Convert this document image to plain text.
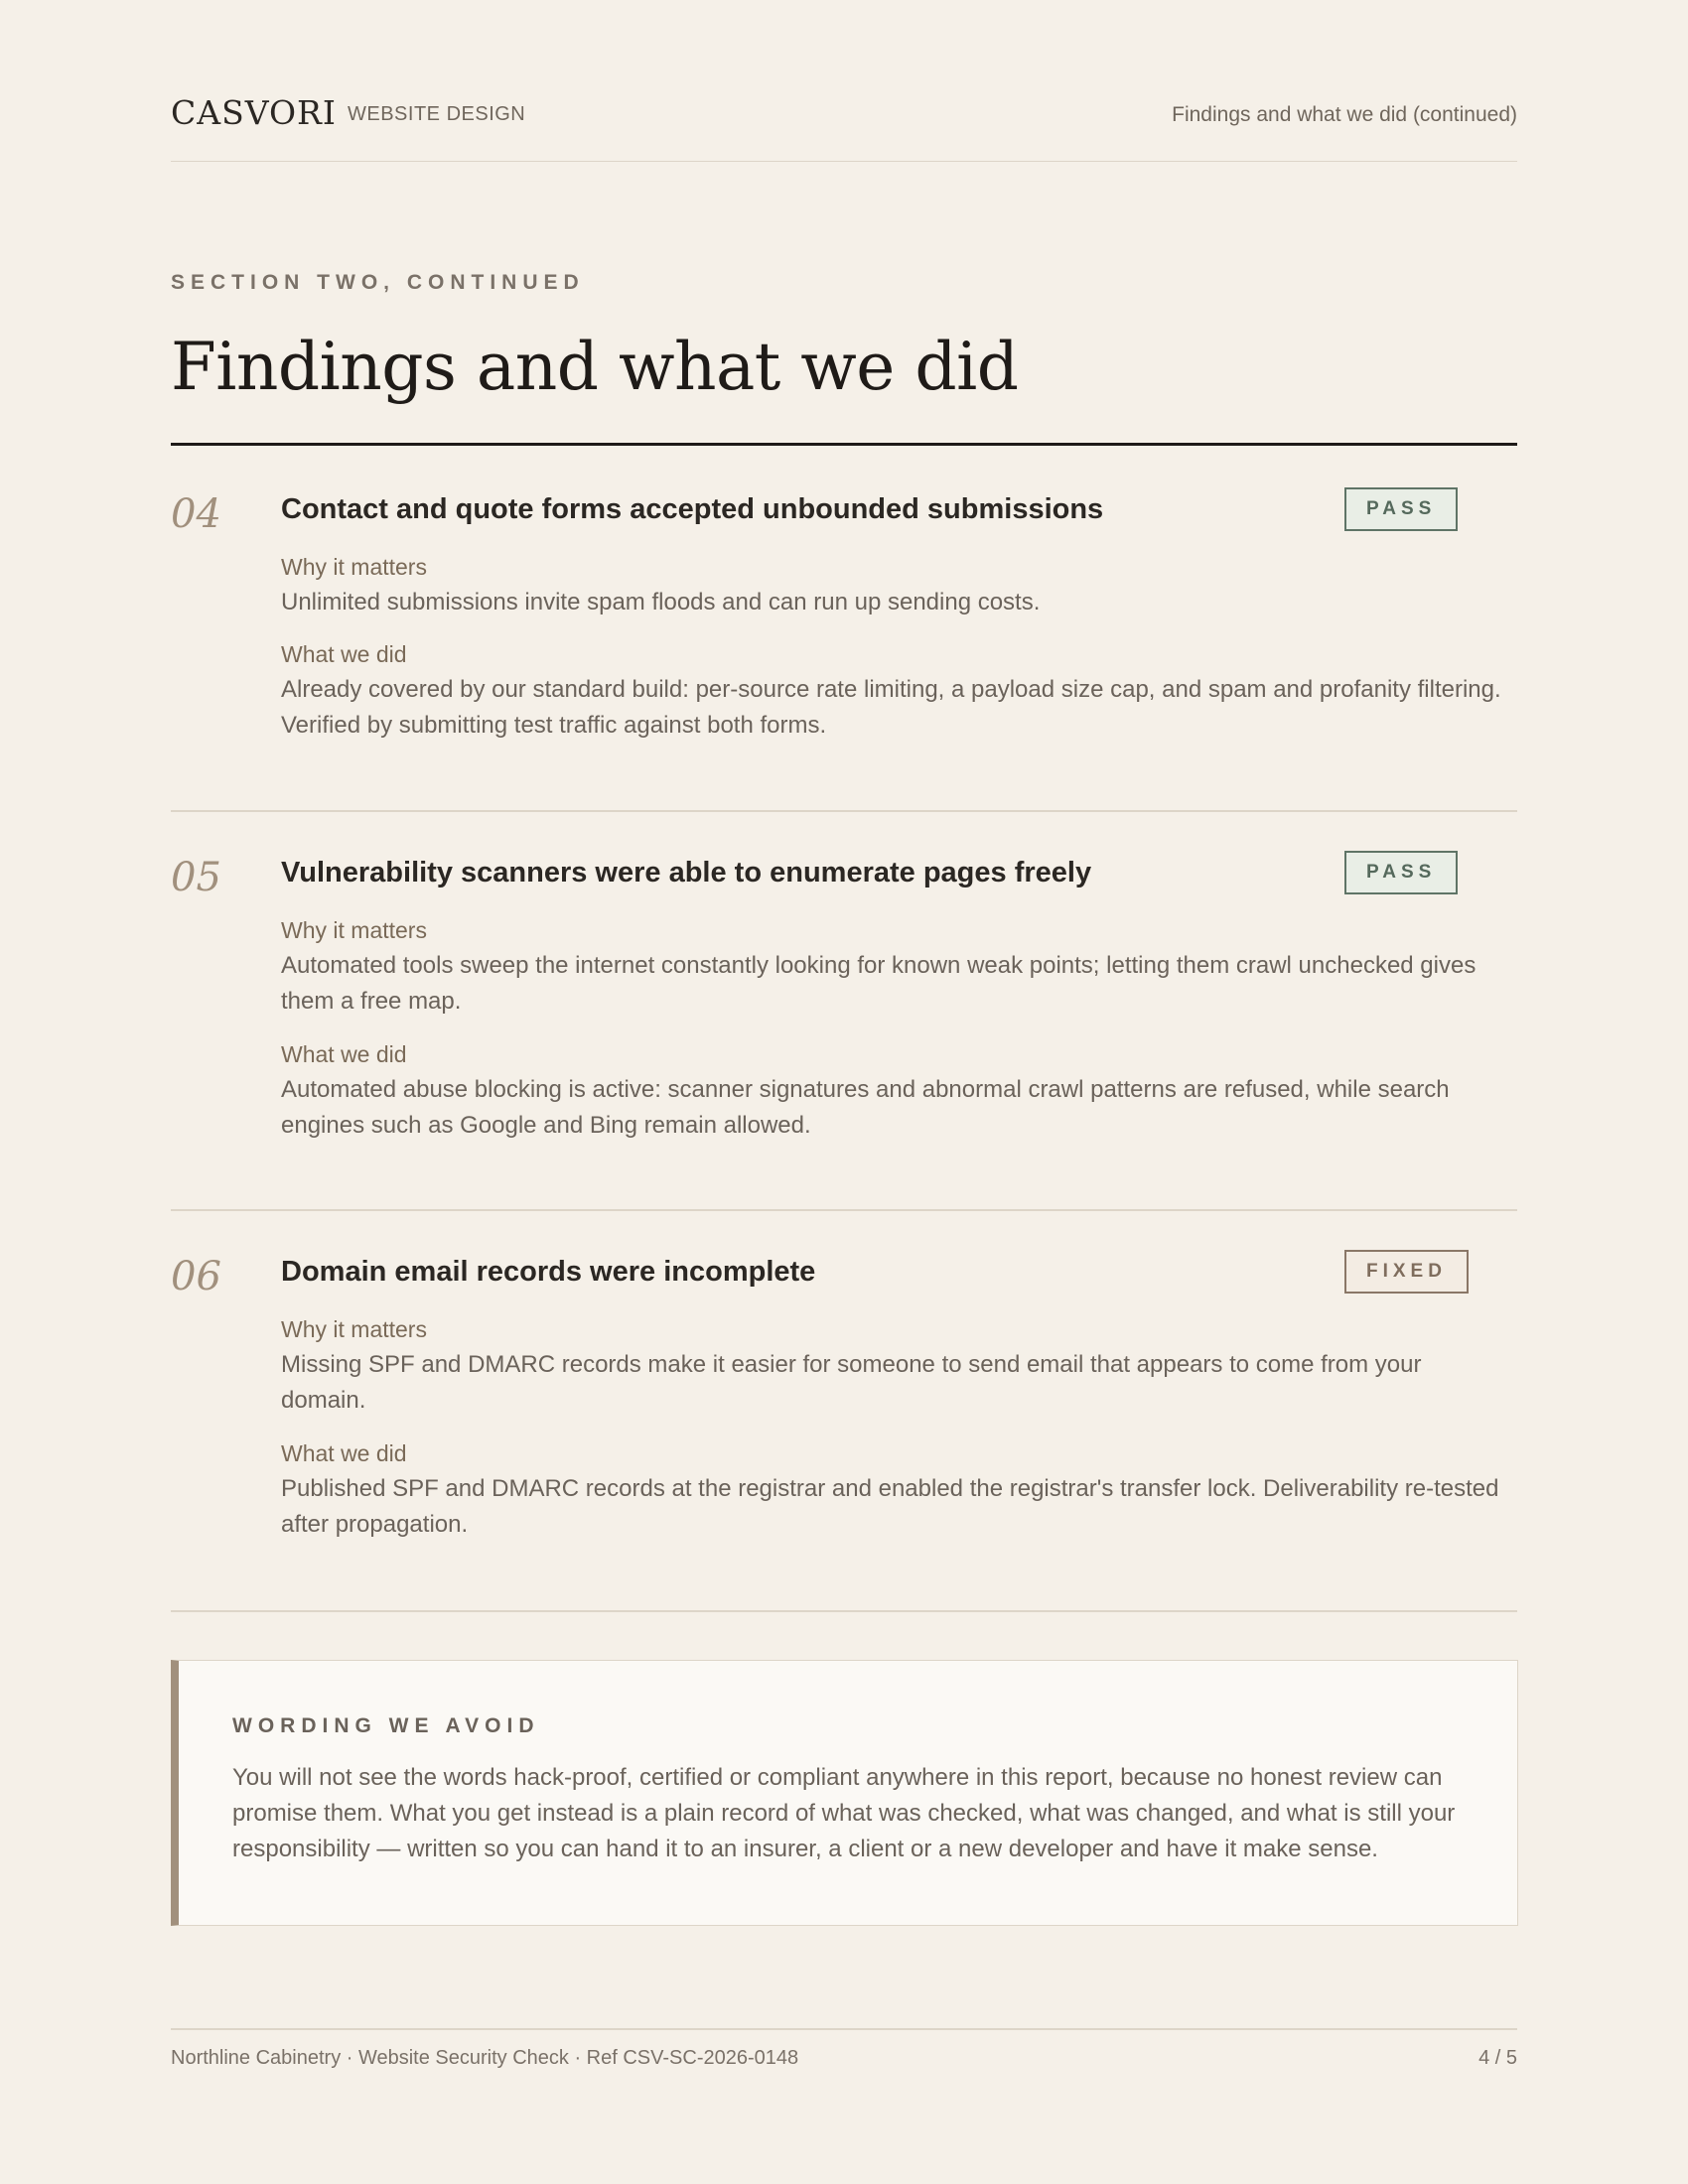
CASVORI WEBSITE DESIGN	Findings and what we did (continued)
SECTION TWO, CONTINUED
Findings and what we did
04 Contact and quote forms accepted unbounded submissions	PASS
Why it matters
Unlimited submissions invite spam floods and can run up sending costs.
What we did
Already covered by our standard build: per-source rate limiting, a payload size cap, and spam and profanity filtering. Verified by submitting test traffic against both forms.
05 Vulnerability scanners were able to enumerate pages freely	PASS
Why it matters
Automated tools sweep the internet constantly looking for known weak points; letting them crawl unchecked gives them a free map.
What we did
Automated abuse blocking is active: scanner signatures and abnormal crawl patterns are refused, while search engines such as Google and Bing remain allowed.
06 Domain email records were incomplete	FIXED
Why it matters
Missing SPF and DMARC records make it easier for someone to send email that appears to come from your domain.
What we did
Published SPF and DMARC records at the registrar and enabled the registrar's transfer lock. Deliverability re-tested after propagation.
WORDING WE AVOID
You will not see the words hack-proof, certified or compliant anywhere in this report, because no honest review can promise them. What you get instead is a plain record of what was checked, what was changed, and what is still your responsibility — written so you can hand it to an insurer, a client or a new developer and have it make sense.
Northline Cabinetry · Website Security Check · Ref CSV-SC-2026-0148	4 / 5
